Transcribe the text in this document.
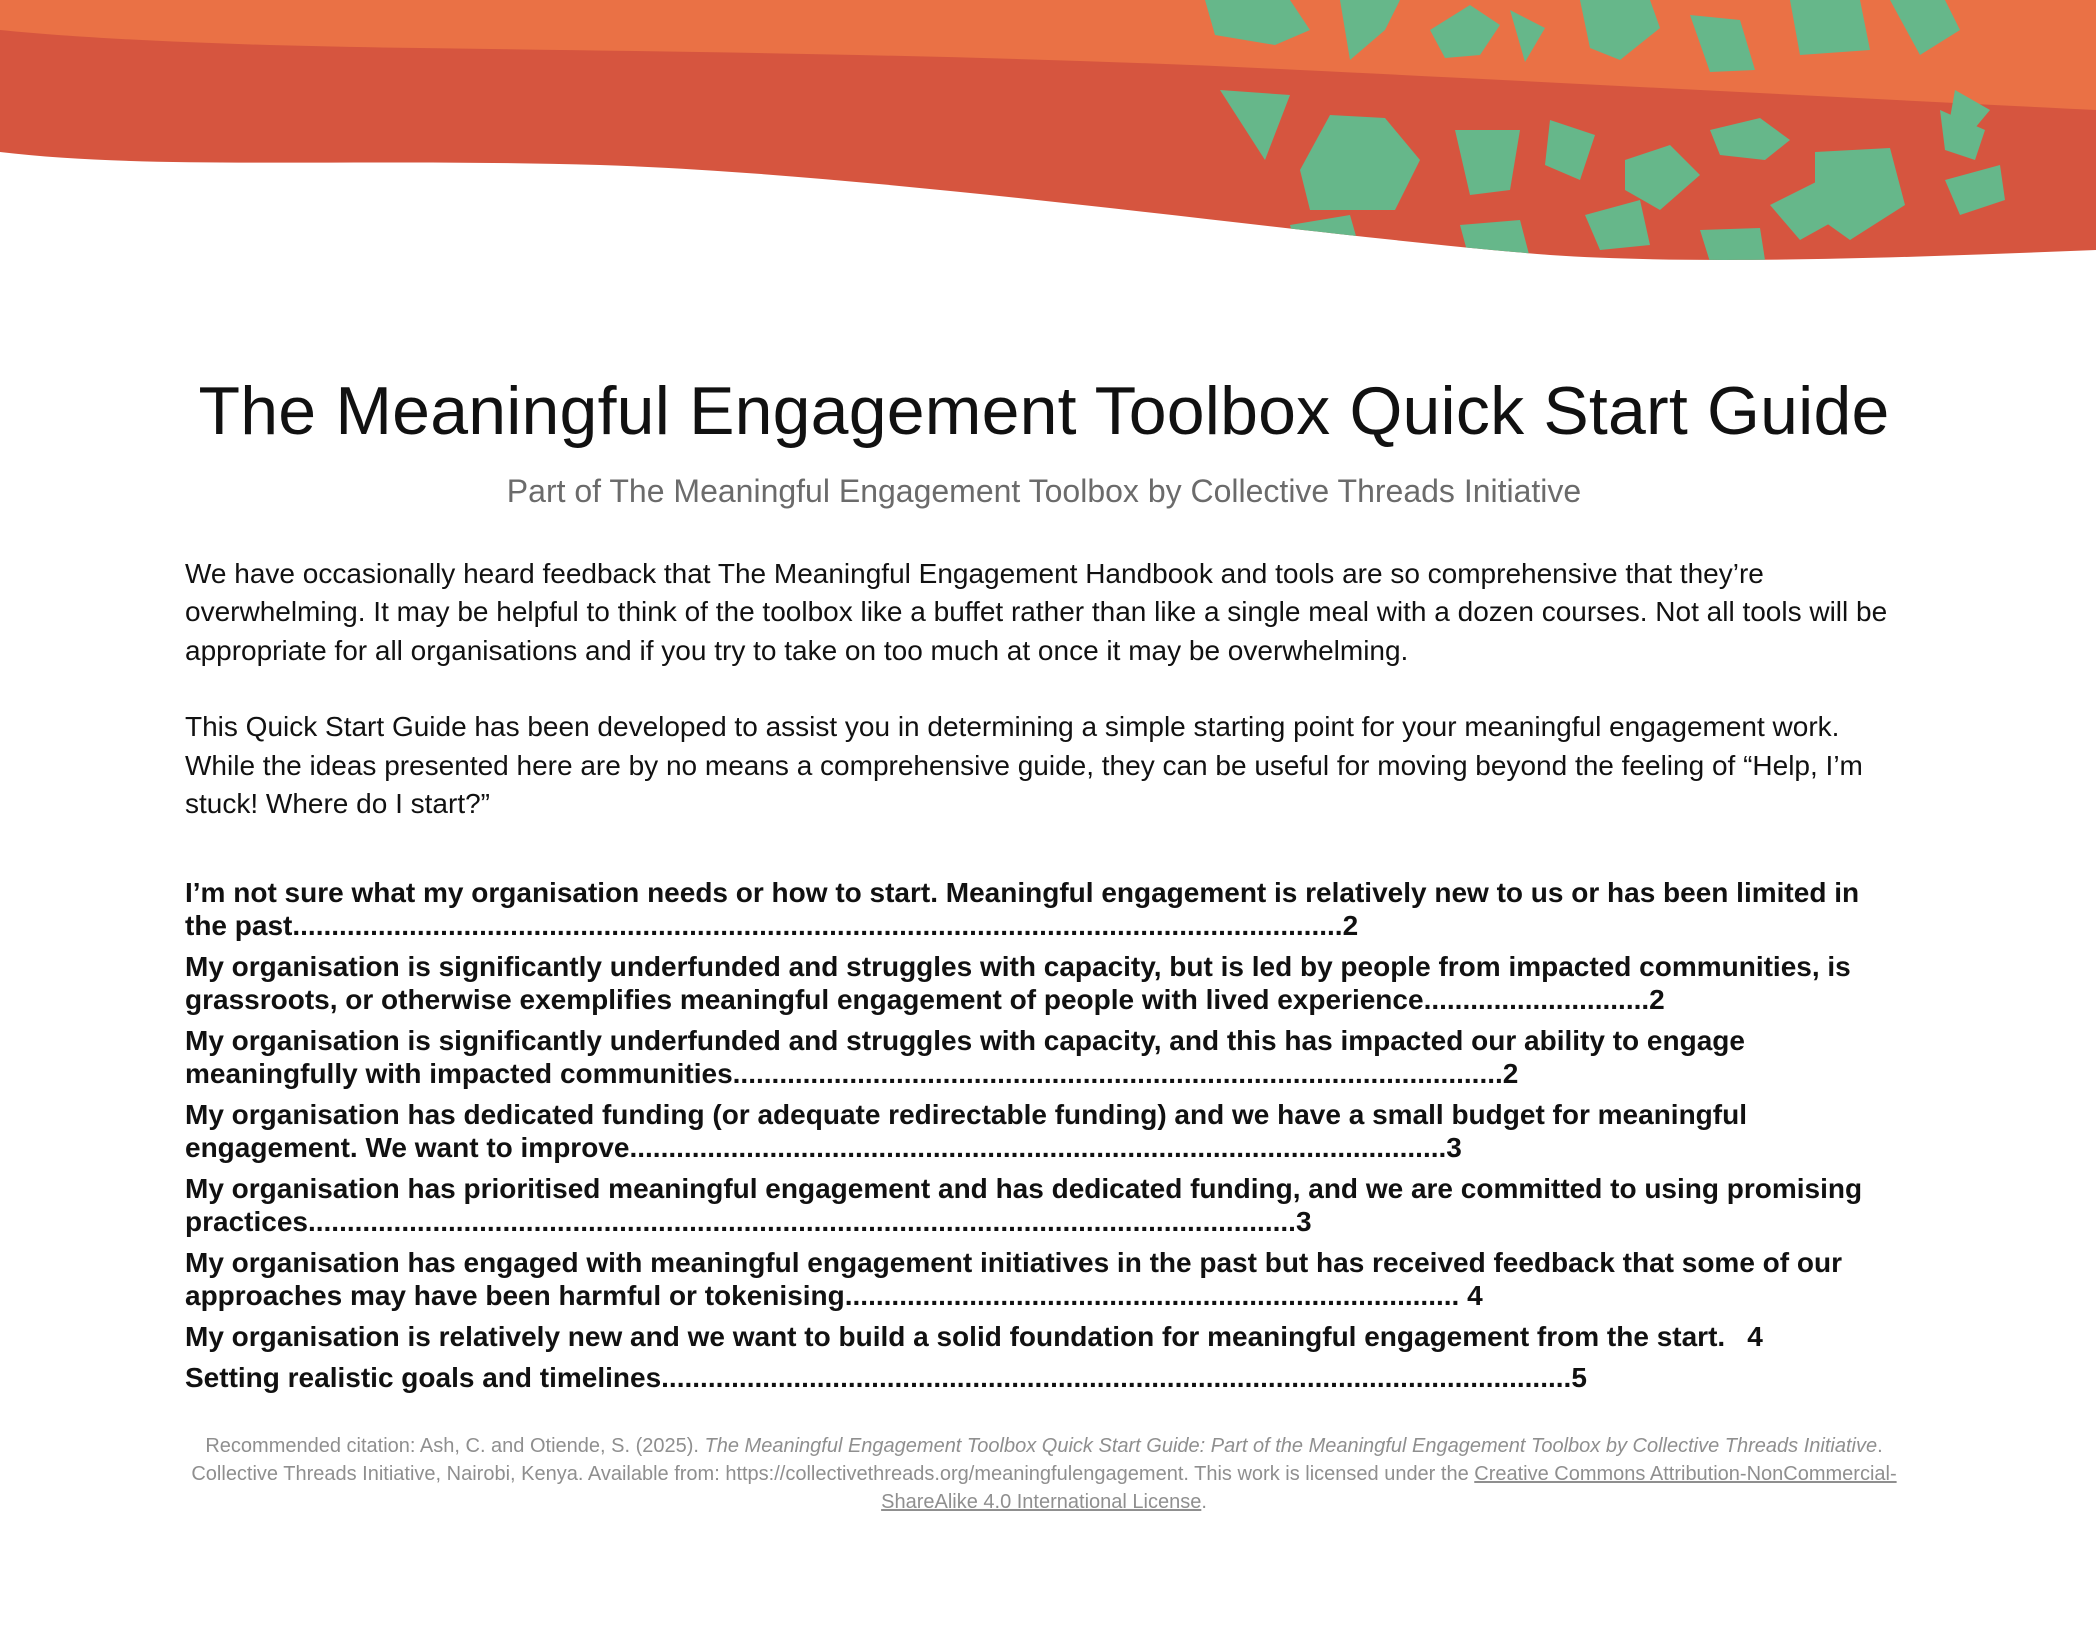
The Meaningful Engagement Toolbox Quick Start Guide
Part of The Meaningful Engagement Toolbox by Collective Threads Initiative

We have occasionally heard feedback that The Meaningful Engagement Handbook and tools are so comprehensive that they’re overwhelming. It may be helpful to think of the toolbox like a buffet rather than like a single meal with a dozen courses. Not all tools will be appropriate for all organisations and if you try to take on too much at once it may be overwhelming.

This Quick Start Guide has been developed to assist you in determining a simple starting point for your meaningful engagement work. While the ideas presented here are by no means a comprehensive guide, they can be useful for moving beyond the feeling of “Help, I’m stuck! Where do I start?”

I’m not sure what my organisation needs or how to start. Meaningful engagement is relatively new to us or has been limited in the past.......................................................................................................................................2
My organisation is significantly underfunded and struggles with capacity, but is led by people from impacted communities, is grassroots, or otherwise exemplifies meaningful engagement of people with lived experience.............................2
My organisation is significantly underfunded and struggles with capacity, and this has impacted our ability to engage meaningfully with impacted communities...................................................................................................2
My organisation has dedicated funding (or adequate redirectable funding) and we have a small budget for meaningful engagement. We want to improve.........................................................................................................3
My organisation has prioritised meaningful engagement and has dedicated funding, and we are committed to using promising practices...............................................................................................................................3
My organisation has engaged with meaningful engagement initiatives in the past but has received feedback that some of our approaches may have been harmful or tokenising............................................................................... 4
My organisation is relatively new and we want to build a solid foundation for meaningful engagement from the start. 4
Setting realistic goals and timelines.....................................................................................................................5
Recommended citation: Ash, C. and Otiende, S. (2025). The Meaningful Engagement Toolbox Quick Start Guide: Part of the Meaningful Engagement Toolbox by Collective Threads Initiative. Collective Threads Initiative, Nairobi, Kenya. Available from: https://collectivethreads.org/meaningfulengagement. This work is licensed under the Creative Commons Attribution-NonCommercial-ShareAlike 4.0 International License.
